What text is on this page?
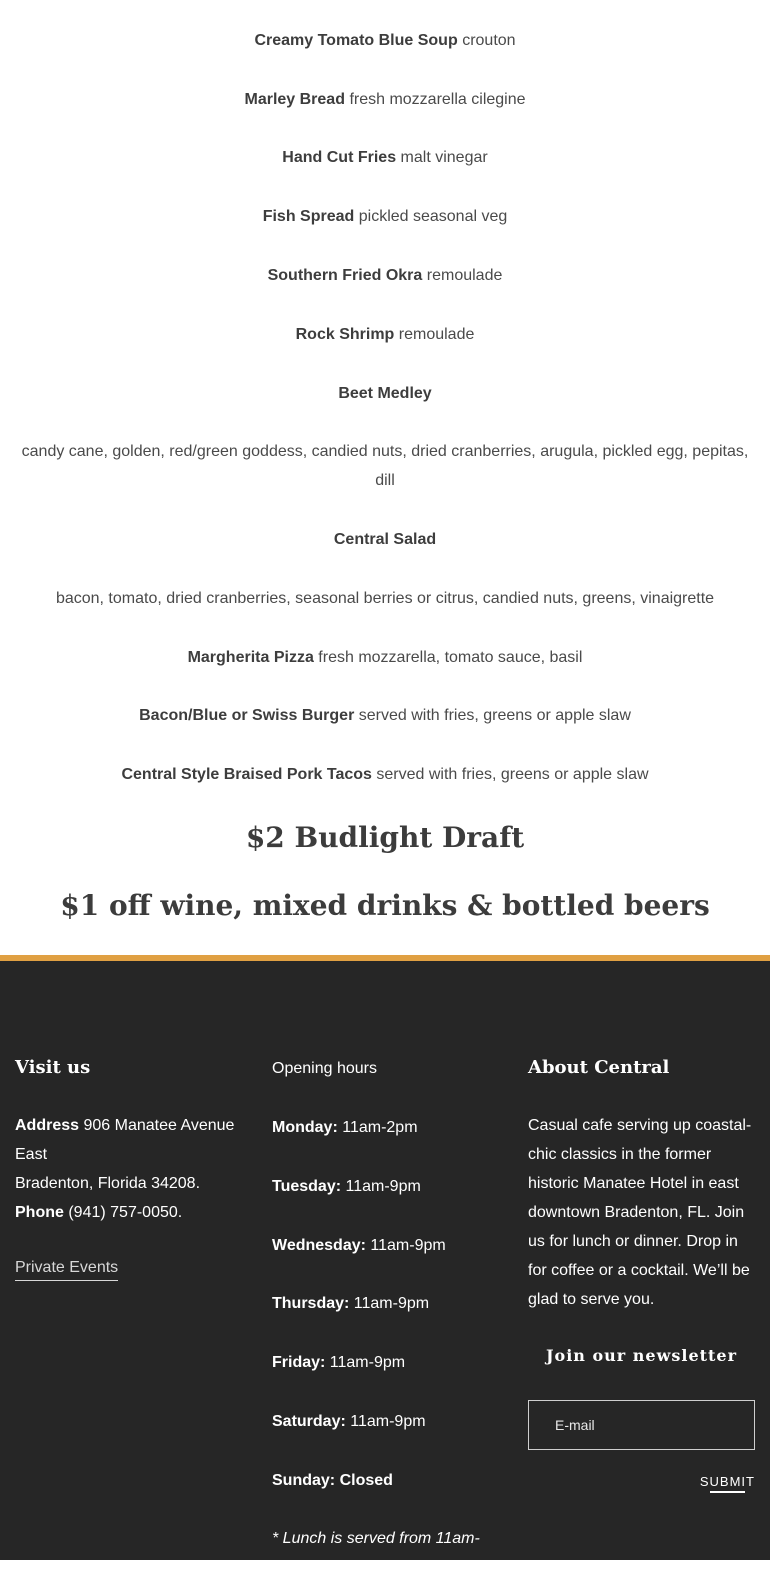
Creamy Tomato Blue Soup crouton
Marley Bread fresh mozzarella cilegine
Hand Cut Fries malt vinegar
Fish Spread pickled seasonal veg
Southern Fried Okra remoulade
Rock Shrimp remoulade
Beet Medley
candy cane, golden, red/green goddess, candied nuts, dried cranberries, arugula, pickled egg, pepitas, dill
Central Salad
bacon, tomato, dried cranberries, seasonal berries or citrus, candied nuts, greens, vinaigrette
Margherita Pizza fresh mozzarella, tomato sauce, basil
Bacon/Blue or Swiss Burger served with fries, greens or apple slaw
Central Style Braised Pork Tacos served with fries, greens or apple slaw
$2 Budlight Draft
$1 off wine, mixed drinks & bottled beers
Visit us
Address 906 Manatee Avenue East
Bradenton, Florida 34208.
Phone (941) 757-0050.
Private Events
Opening hours
Monday: 11am-2pm
Tuesday: 11am-9pm
Wednesday: 11am-9pm
Thursday: 11am-9pm
Friday: 11am-9pm
Saturday: 11am-9pm
Sunday: Closed
* Lunch is served from 11am-5pm and Dinner is served f
About Central
Casual cafe serving up coastal-chic classics in the former historic Manatee Hotel in east downtown Bradenton, FL. Join us for lunch or dinner. Drop in for coffee or a cocktail. We’ll be glad to serve you.
Join our newsletter
E-mail
SUBMIT
